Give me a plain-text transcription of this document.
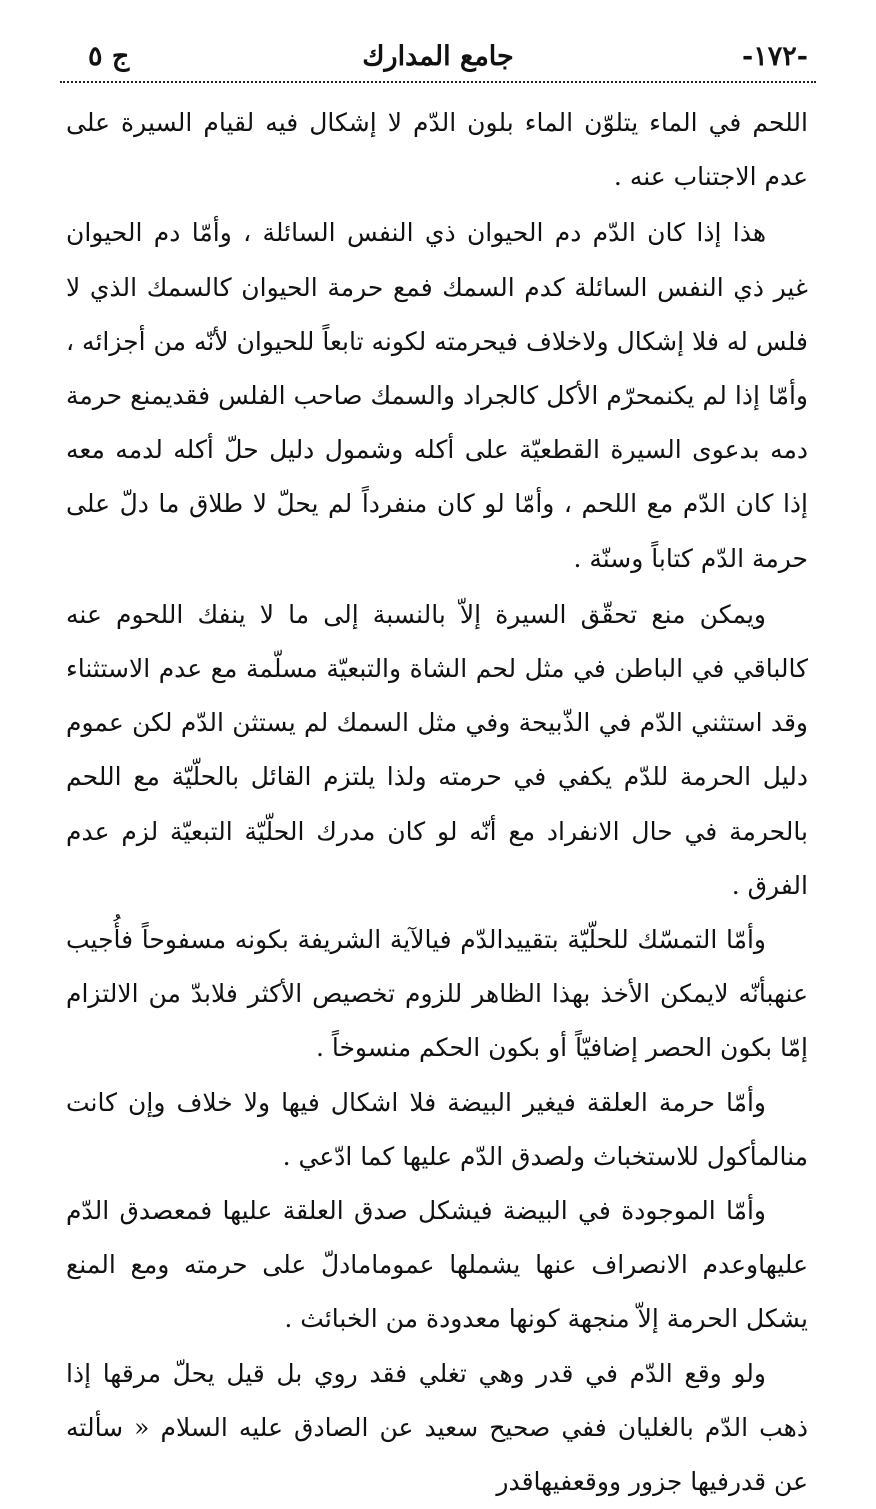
-١٧٢-
جامع المدارك
ج ٥

اللحم في الماء يتلوّن الماء بلون الدّم لا إشكال فيه لقيام السيرة على عدم الاجتناب عنه .

هذا إذا كان الدّم دم الحيوان ذي النفس السائلة ، وأمّا دم الحيوان غير ذي النفس السائلة كدم السمك فمع حرمة الحيوان كالسمك الذي لا فلس له فلا إشكال ولاخلاف فيحرمته لكونه تابعاً للحيوان لأنّه من أجزائه ، وأمّا إذا لم يكنمحرّم الأكل كالجراد والسمك صاحب الفلس فقديمنع حرمة دمه بدعوى السيرة القطعيّة على أكله وشمول دليل حلّ أكله لدمه معه إذا كان الدّم مع اللحم ، وأمّا لو كان منفرداً لم يحلّ لا طلاق ما دلّ على حرمة الدّم كتاباً وسنّة .

ويمكن منع تحقّق السيرة إلاّ بالنسبة إلى ما لا ينفك اللحوم عنه كالباقي في الباطن في مثل لحم الشاة والتبعيّة مسلّمة مع عدم الاستثناء وقد استثني الدّم في الذّبيحة وفي مثل السمك لم يستثن الدّم لكن عموم دليل الحرمة للدّم يكفي في حرمته ولذا يلتزم القائل بالحلّيّة مع اللحم بالحرمة في حال الانفراد مع أنّه لو كان مدرك الحلّيّة التبعيّة لزم عدم الفرق .

وأمّا التمسّك للحلّيّة بتقييدالدّم فيالآية الشريفة بكونه مسفوحاً فأُجيب عنهبأنّه لايمكن الأخذ بهذا الظاهر للزوم تخصيص الأكثر فلابدّ من الالتزام إمّا بكون الحصر إضافيّاً أو بكون الحكم منسوخاً .

وأمّا حرمة العلقة فيغير البيضة فلا اشكال فيها ولا خلاف وإن كانت منالمأكول للاستخباث ولصدق الدّم عليها كما ادّعي .

وأمّا الموجودة في البيضة فيشكل صدق العلقة عليها فمعصدق الدّم عليهاوعدم الانصراف عنها يشملها عمومامادلّ على حرمته ومع المنع يشكل الحرمة إلاّ منجهة كونها معدودة من الخبائث .

ولو وقع الدّم في قدر وهي تغلي فقد روي بل قيل يحلّ مرقها إذا ذهب الدّم بالغليان ففي صحيح سعيد عن الصادق عليه السلام « سألته عن قدرفيها جزور ووقعفيهاقدر
